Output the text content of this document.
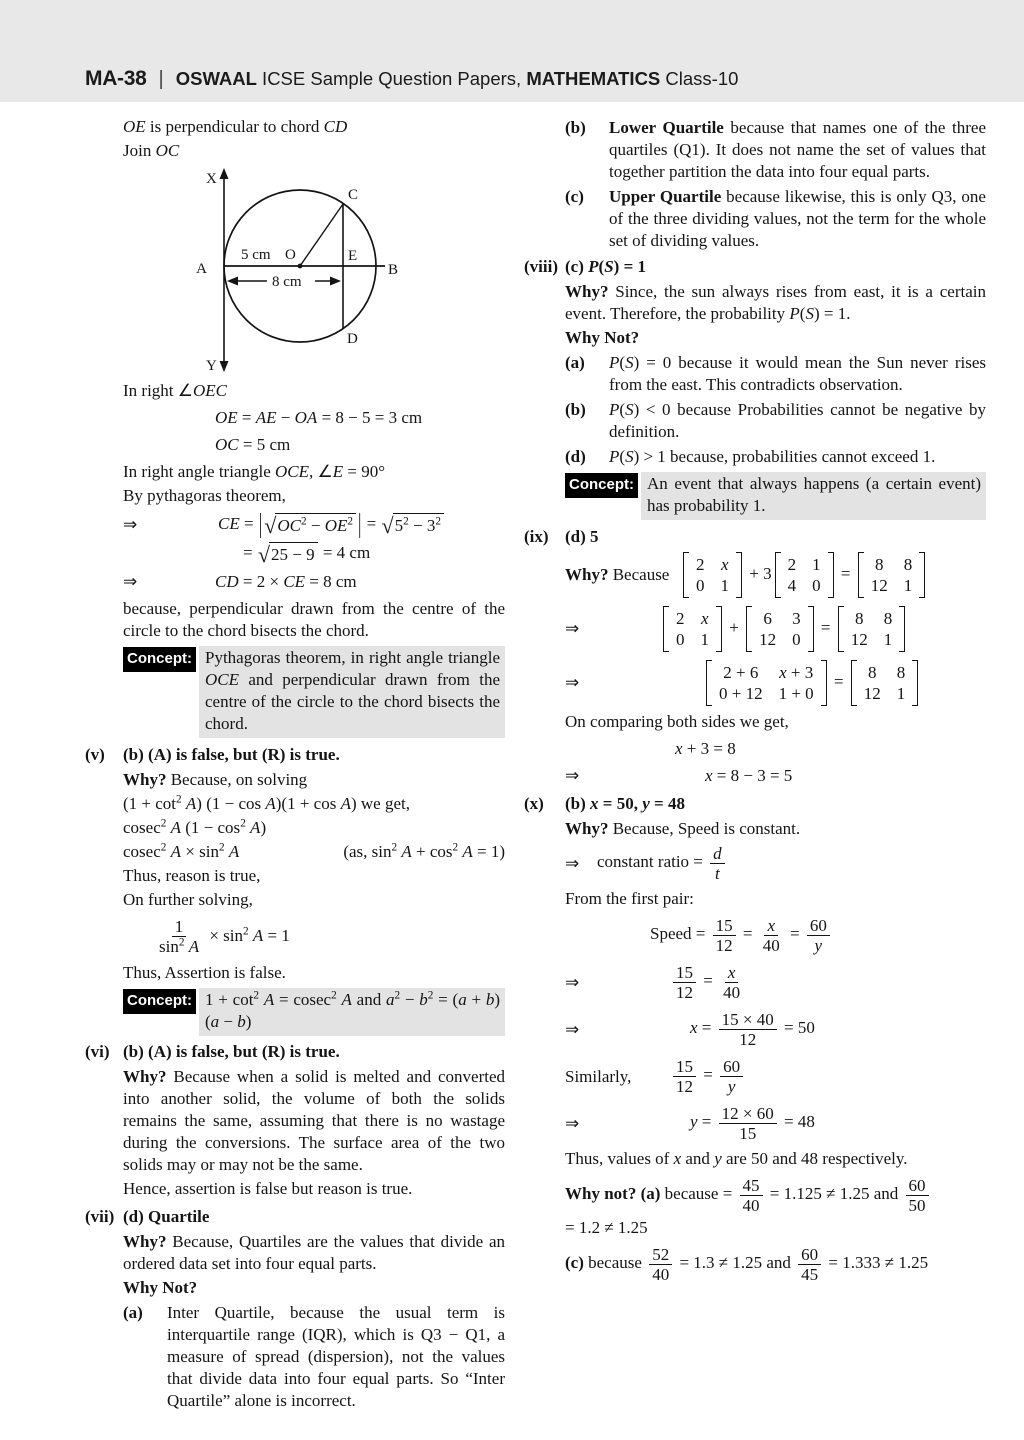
MA-38 | OSWAAL ICSE Sample Question Papers, MATHEMATICS Class-10
OE is perpendicular to chord CD
Join OC
X
Y
A	B
C
D
E
O
5 cm
8 cm
In right ∠OEC
OE = AE − OA = 8 − 5 = 3 cm
OC = 5 cm
In right angle triangle OCE, ∠E = 90°
By pythagoras theorem,
⇒	CE = | √ $OC^2 - OE^2$ | = √ $5^2 - 3^2$
= √ 25 − 9 = 4 cm
⇒	CD = 2 × CE = 8 cm
because, perpendicular drawn from the centre of the circle to the chord bisects the chord.
Concept: Pythagoras theorem, in right angle triangle OCE and perpendicular drawn from the centre of the circle to the chord bisects the chord.
(v) (b) (A) is false, but (R) is true.
Why? Because, on solving
$(1 + \cot^2 A)$ (1 − cos A)(1 + cos A) we get,
cosec$^2$ A $(1 - \cos^2 A)$
cosec$^2$ $A \times \sin^2 A$	(as, $\sin^2 A + \cos^2 A = 1$)
Thus, reason is true,
On further solving,
$\frac{1}{\sin^2 A} \times \sin^2 A = 1$
Thus, Assertion is false.
Concept: $1 + \cot^2 A = cosec^2$ A and $a^2 - b^2 = (a + b) (a - b)$
(vi) (b) (A) is false, but (R) is true.
Why? Because when a solid is melted and converted into another solid, the volume of both the solids remains the same, assuming that there is no wastage during the conversions. The surface area of the two solids may or may not be the same.
Hence, assertion is false but reason is true.
(vii) (d) Quartile
Why? Because, Quartiles are the values that divide an ordered data set into four equal parts.
Why Not?
(a) Inter Quartile, because the usual term is interquartile range (IQR), which is Q3 − Q1, a measure of spread (dispersion), not the values that divide data into four equal parts. So “Inter Quartile” alone is incorrect.
(b) Lower Quartile because that names one of the three quartiles (Q1). It does not name the set of values that together partition the data into four equal parts.
(c) Upper Quartile because likewise, this is only Q3, one of the three dividing values, not the term for the whole set of dividing values.
(viii) (c) P(S) = 1
Why? Since, the sun always rises from east, it is a certain event. Therefore, the probability P(S) = 1.
Why Not?
(a) P(S) = 0 because it would mean the Sun never rises from the east. This contradicts observation.
(b) P(S) < 0 because Probabilities cannot be negative by definition.
(d) P(S) > 1 because, probabilities cannot exceed 1.
Concept: An event that always happens (a certain event) has probability 1.
(ix) (d) 5
Why? Because
2 x
0 1
+ 3 2 1
4 0
= 8 8
12 1
⇒
2 x
0 1
+ 6 3
12 0
= 8 8
12 1
⇒
2 + 6 x + 3
0 + 12 1 + 0
= 8 8
12 1
On comparing both sides we get,
x + 3 = 8
⇒	x = 8 − 3 = 5
(x) (b) x = 50, y = 48
Why? Because, Speed is constant.
⇒ constant ratio = $\frac{d}{t}$
From the first pair:
Speed = $\frac{15}{12} = \frac{x}{40} = \frac{60}{y}$
⇒	$\frac{15}{12} = \frac{x}{40}$
⇒	$x = \frac{15 \times 40}{12} = 50$
Similarly, $\frac{15}{12} = \frac{60}{y}$
⇒	$y = \frac{12 \times 60}{15} = 48$
Thus, values of x and y are 50 and 48 respectively.
Why not? (a) because = $\frac{45}{40} = 1.125 \ne 1.25$ and $\frac{60}{50}$
= 1.2 ≠ 1.25
(c) because $\frac{52}{40} = 1.3 \ne 1.25$ and $\frac{60}{45} = 1.333 \ne 1.25$
